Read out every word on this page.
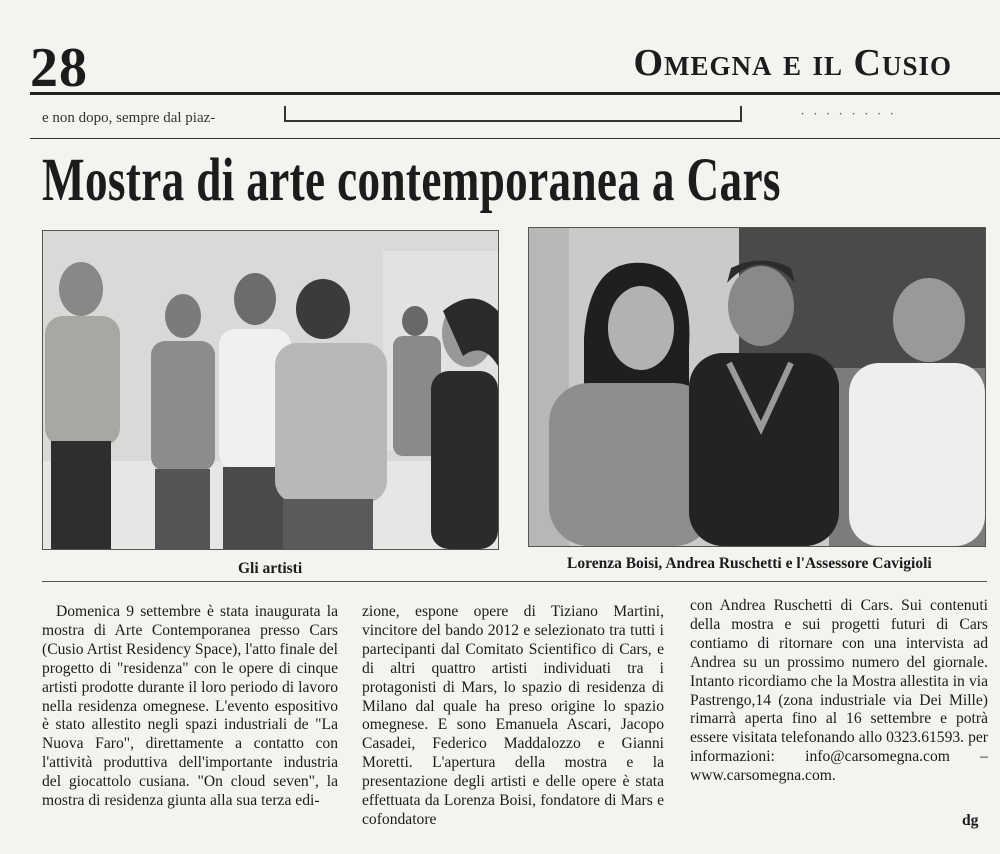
28	Omegna e il Cusio
e non dopo, sempre dal piaz-	˙ ˙ ˙ ˙ ˙ ˙ ˙ ˙
Mostra di arte contemporanea a Cars
Gli artisti	Lorenza Boisi, Andrea Ruschetti e l'Assessore Cavigioli

Domenica 9 settembre è stata inaugurata la mostra di Arte Contemporanea presso Cars (Cusio Artist Residency Space), l'atto finale del progetto di "residenza" con le opere di cinque artisti prodotte durante il loro periodo di lavoro nella residenza omegnese. L'evento espositivo è stato allestito negli spazi industriali de "La Nuova Faro", direttamente a contatto con l'attività produttiva dell'importante industria del giocattolo cusiana. "On cloud seven", la mostra di residenza giunta alla sua terza edi-

zione, espone opere di Tiziano Martini, vincitore del bando 2012 e selezionato tra tutti i partecipanti dal Comitato Scientifico di Cars, e di altri quattro artisti individuati tra i protagonisti di Mars, lo spazio di residenza di Milano dal quale ha preso origine lo spazio omegnese. E sono Emanuela Ascari, Jacopo Casadei, Federico Maddalozzo e Gianni Moretti. L'apertura della mostra e la presentazione degli artisti e delle opere è stata effettuata da Lorenza Boisi, fondatore di Mars e cofondatore

con Andrea Ruschetti di Cars. Sui contenuti della mostra e sui progetti futuri di Cars contiamo di ritornare con una intervista ad Andrea su un prossimo numero del giornale. Intanto ricordiamo che la Mostra allestita in via Pastrengo,14 (zona industriale via Dei Mille) rimarrà aperta fino al 16 settembre e potrà essere visitata telefonando allo 0323.61593. per informazioni: info@carsomegna.com – www.carsomegna.com.

dg
